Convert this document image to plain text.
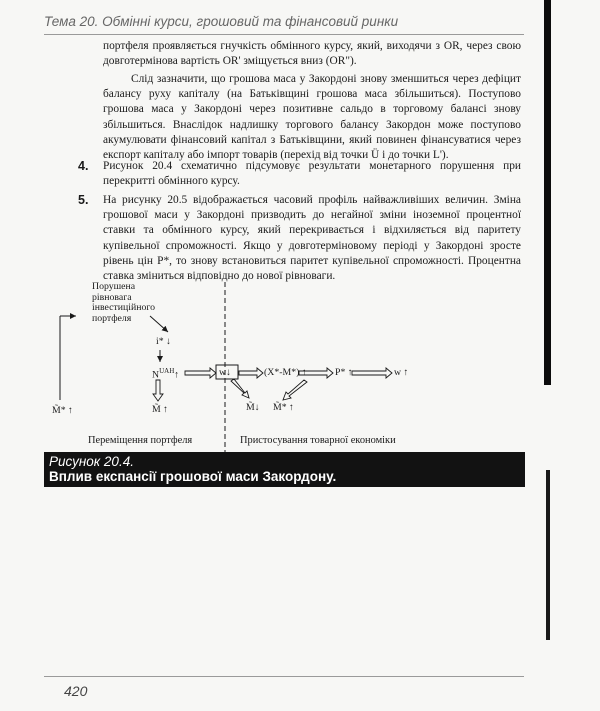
Тема 20. Обмінні курси, грошовий та фінансовий ринки
портфеля проявляється гнучкість обмінного курсу, який, виходячи з OR, через свою довготермінова вартість OR' зміщується вниз (OR").
Слід зазначити, що грошова маса у Закордоні знову зменшиться через дефіцит балансу руху капіталу (на Батьківщині грошова маса збільшиться). Поступово грошова маса у Закордоні через позитивне сальдо в торговому балансі знову збільшиться. Внаслідок надлишку торгового балансу Закордон може поступово акумулювати фінансовий капітал з Батьківщини, який повинен фінансуватися через експорт капіталу або імпорт товарів (перехід від точки Ü і до точки L').
4.	Рисунок 20.4 схематично підсумовує результати монетарного порушення при перекритті обмінного курсу.
5.	На рисунку 20.5 відображається часовий профіль найважливіших величин. Зміна грошової маси у Закордоні призводить до негайної зміни іноземної процентної ставки та обмінного курсу, який перекривається і відхиляється від паритету купівельної спроможності. Якщо у довготерміновому періоді у Закордоні зросте рівень цін P*, то знову встановиться паритет купівельної спроможності. Процентна ставка зміниться відповідно до нової рівноваги.
Порушена
рівновага
інвестиційного
портфеля
i* ↓
$N^{UAH}↑$
M̃ ↑
M̃* ↑
w↓
M̃↓
(X*-M*) ↑
M̃* ↑
P* ↑	w ↑
Переміщення портфеля	Пристосування товарної економіки
Рисунок 20.4.
Вплив експансії грошової маси Закордону.
420
